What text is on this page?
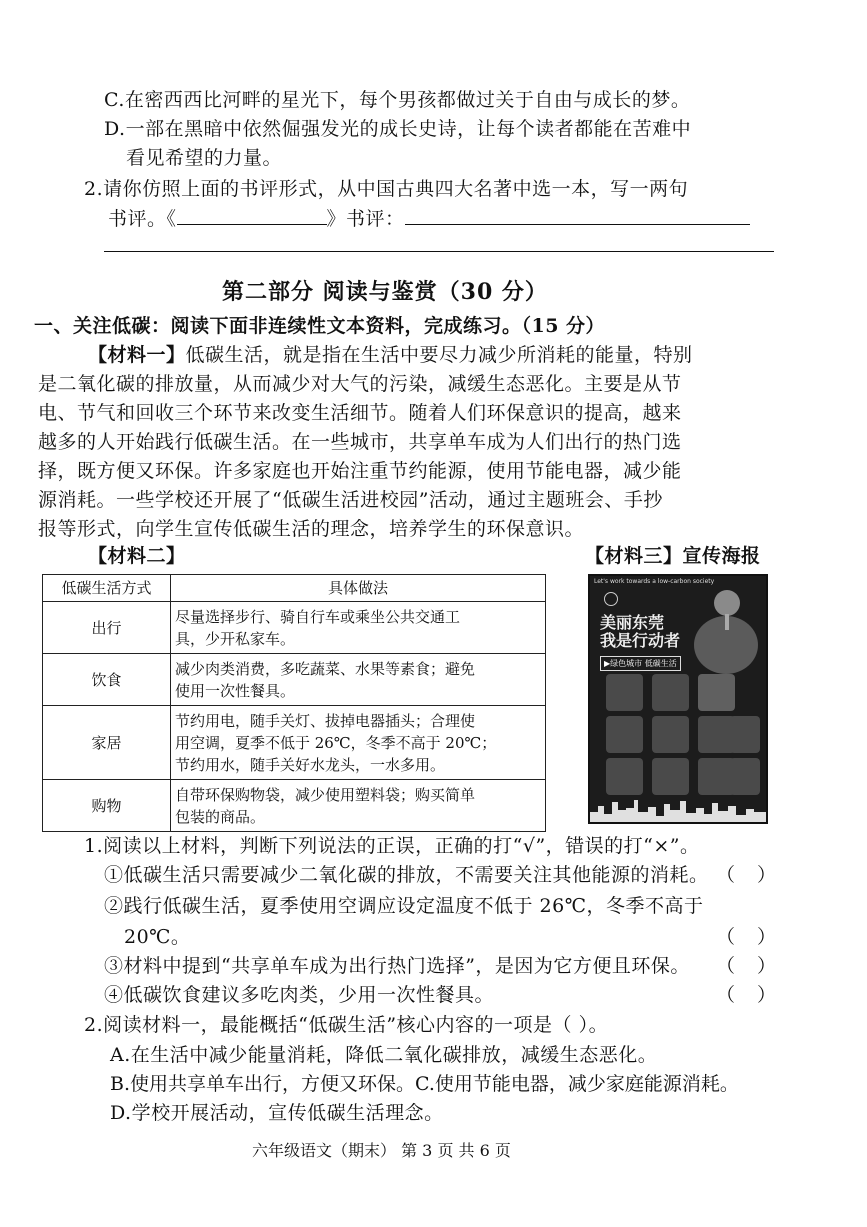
C.在密西西比河畔的星光下，每个男孩都做过关于自由与成长的梦。
D.一部在黑暗中依然倔强发光的成长史诗，让每个读者都能在苦难中
看见希望的力量。
2.请你仿照上面的书评形式，从中国古典四大名著中选一本，写一两句
书评。《	》书评：
第二部分 阅读与鉴赏（30 分）
一、关注低碳：阅读下面非连续性文本资料，完成练习。（15 分）
【材料一】低碳生活，就是指在生活中要尽力减少所消耗的能量，特别
是二氧化碳的排放量，从而减少对大气的污染，减缓生态恶化。主要是从节
电、节气和回收三个环节来改变生活细节。随着人们环保意识的提高，越来
越多的人开始践行低碳生活。在一些城市，共享单车成为人们出行的热门选
择，既方便又环保。许多家庭也开始注重节约能源，使用节能电器，减少能
源消耗。一些学校还开展了“低碳生活进校园”活动，通过主题班会、手抄
报等形式，向学生宣传低碳生活的理念，培养学生的环保意识。
【材料二】	【材料三】宣传海报
低碳生活方式	具体做法
出行	尽量选择步行、骑自行车或乘坐公共交通工
具，少开私家车。

饮食	减少肉类消费，多吃蔬菜、水果等素食；避免
使用一次性餐具。

家居	节约用电，随手关灯、拔掉电器插头；合理使
用空调，夏季不低于 26℃，冬季不高于 20℃；
节约用水，随手关好水龙头，一水多用。

购物	自带环保购物袋，减少使用塑料袋；购买简单
包装的商品。
Let's work towards a low-carbon society
美丽东莞
我是行动者
▶绿色城市 低碳生活
1.阅读以上材料，判断下列说法的正误，正确的打“√”，错误的打“×”。
①低碳生活只需要减少二氧化碳的排放，不需要关注其他能源的消耗。 （）
②践行低碳生活，夏季使用空调应设定温度不低于 26℃，冬季不高于
20℃。	（）
③材料中提到“共享单车成为出行热门选择”，是因为它方便且环保。 （）
④低碳饮食建议多吃肉类，少用一次性餐具。	（）
2.阅读材料一，最能概括“低碳生活”核心内容的一项是（ ）。
A.在生活中减少能量消耗，降低二氧化碳排放，减缓生态恶化。
B.使用共享单车出行，方便又环保。C.使用节能电器，减少家庭能源消耗。
D.学校开展活动，宣传低碳生活理念。
六年级语文（期末） 第 3 页 共 6 页
